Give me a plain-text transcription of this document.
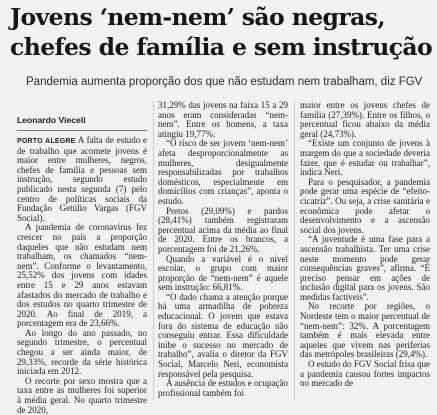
Jovens ‘nem-nem’ são negras,
chefes de família e sem instrução

Pandemia aumenta proporção dos que não estudam nem trabalham, diz FGV

Leonardo Vieceli

PORTO ALEGRE A falta de estudo e de trabalho que acomete jovens é maior entre mulheres, negros, chefes de família e pessoas sem instrução, segundo estudo publicado nesta segunda (7) pelo centro de políticas sociais da Fundação Getúlio Vargas (FGV Social).

A pandemia de coronavírus fez crescer no país a proporção daqueles que não estudam nem trabalham, os chamados “nem-nem”. Conforme o levantamento, 25,52% dos jovens com idades entre 15 e 29 anos estavam afastados do mercado de trabalho e dos estudos no quarto trimestre de 2020. Ao final de 2019, a porcentagem era de 23,66%.

Ao longo do ano passado, no segundo trimestre, o percentual chegou a ser ainda maior, de 29,33%, recorde da série histórica iniciada em 2012.

O recorte por sexo mostra que a taxa entre as mulheres foi superior à média geral. No quarto trimestre de 2020,

31,29% das jovens na faixa 15 a 29 anos eram consideradas “nem-nem”. Entre os homens, a taxa atingiu 19,77%.

“O risco de ser jovem ‘nem-nem’ afeta desproporcionalmente as mulheres, desigualmente responsabilizadas por trabalhos domésticos, especialmente em domicílios com crianças”, aponta o estudo.

Pretos (29,09%) e pardos (28,41%) também registraram percentual acima da média ao final de 2020. Entre os brancos, a porcentagem foi de 21,26%.

Quando a variável é o nível escolar, o grupo com maior proporção de “nem-nem” é aquele sem instrução: 66,81%.

“O dado chama a atenção porque há uma armadilha de pobreza educacional. O jovem que estava fora do sistema de educação não conseguiu entrar. Essa dificuldade inibe o sucesso no mercado de trabalho”, avalia o diretor da FGV Social, Marcelo Neri, economista responsável pela pesquisa.

A ausência de estudos e ocupação profissional também foi

maior entre os jovens chefes de família (27,39%). Entre os filhos, o percentual ficou abaixo da média geral (24,73%).

“Existe um conjunto de jovens à margem do que a sociedade deveria fazer, que é estudar ou trabalhar”, indica Neri.

Para o pesquisador, a pandemia pode gerar uma espécie de “efeito-cicatriz”. Ou seja, a crise sanitária e econômica pode afetar o desenvolvimento e a ascensão social dos jovens.

“A juventude é uma fase para a ascensão trabalhista. Ter uma crise neste momento pode gerar consequências graves”, afirma. “É preciso pensar em ações de inclusão digital para os jovens. São medidas factíveis”.

No recorte por regiões, o Nordeste tem o maior percentual de “nem-nem”: 32%. A porcentagem também é mais elevada entre aqueles que vivem nas periferias das metrópoles brasileiras (29,4%).

O estudo do FGV Social frisa que a pandemia causou fortes impactos no mercado de
